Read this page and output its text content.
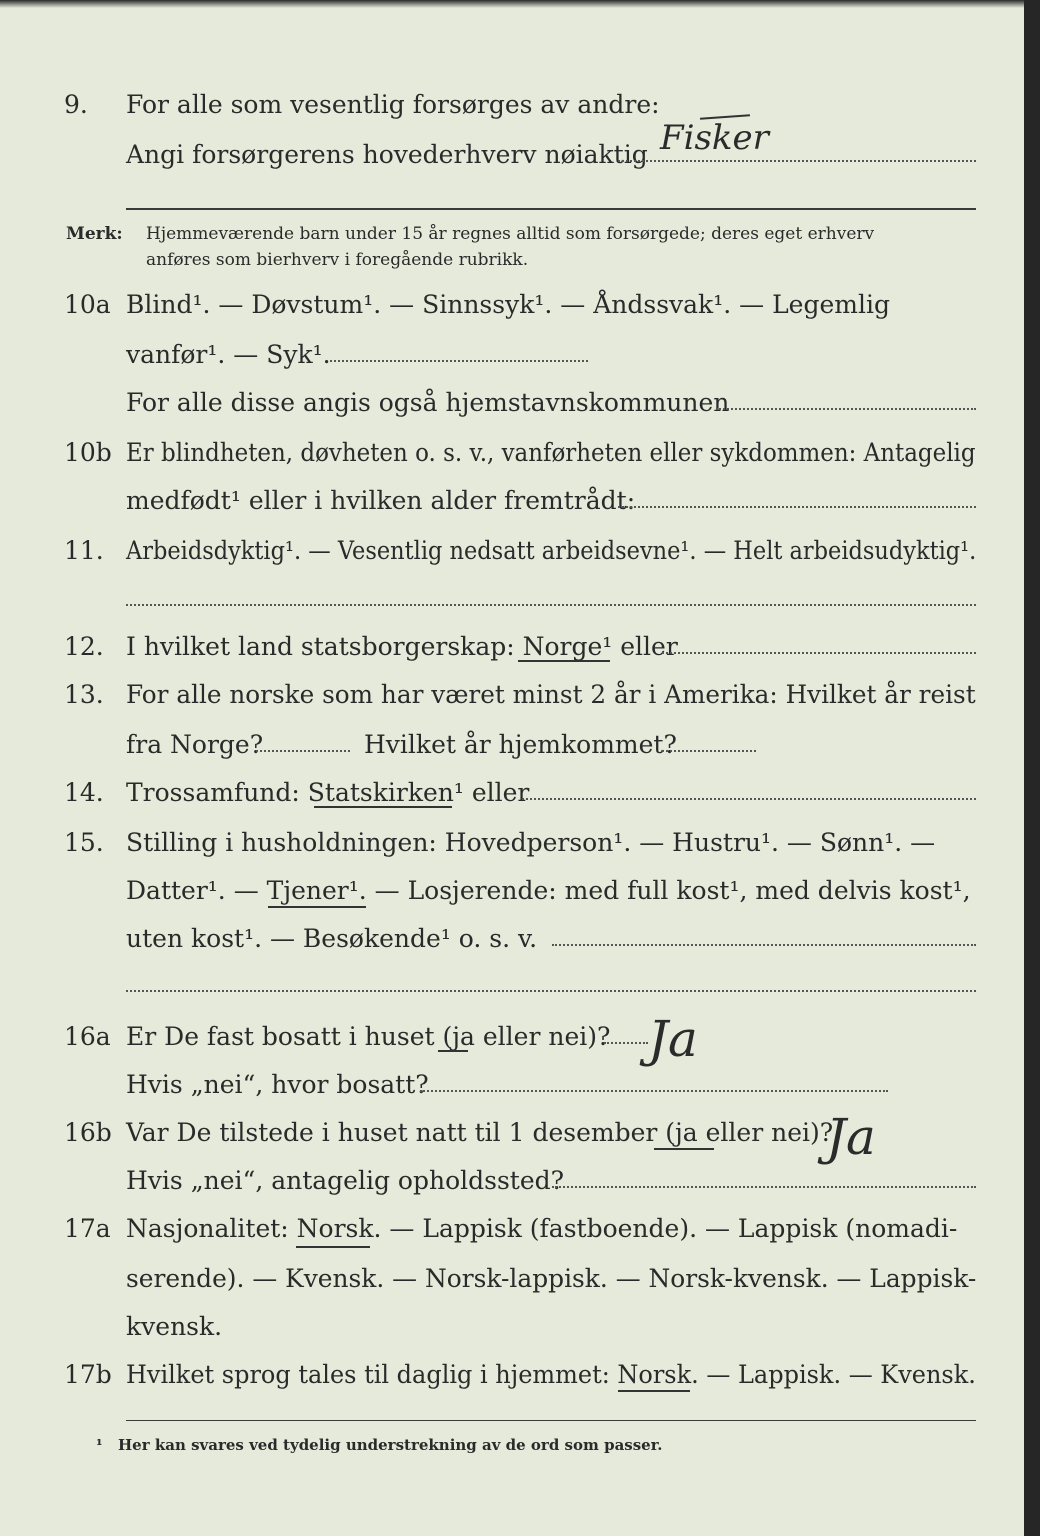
9. For alle som vesentlig forsørges av andre:
Angi forsørgerens hovederhverv nøiaktig Fisker
Merk: Hjemmeværende barn under 15 år regnes alltid som forsørgede; deres eget erhverv
anføres som bierhverv i foregående rubrikk.
10a Blind¹. — Døvstum¹. — Sinnssyk¹. — Åndssvak¹. — Legemlig
vanfør¹. — Syk¹.
For alle disse angis også hjemstavnskommunen
10b Er blindheten, døvheten o. s. v., vanførheten eller sykdommen: Antagelig
medfødt¹ eller i hvilken alder fremtrådt:
11. Arbeidsdyktig¹. — Vesentlig nedsatt arbeidsevne¹. — Helt arbeidsudyktig¹.
12. I hvilket land statsborgerskap: Norge¹ eller
13. For alle norske som har været minst 2 år i Amerika: Hvilket år reist
fra Norge?	Hvilket år hjemkommet?
14. Trossamfund: Statskirken¹ eller
15. Stilling i husholdningen: Hovedperson¹. — Hustru¹. — Sønn¹. —
Datter¹. — Tjener¹. — Losjerende: med full kost¹, med delvis kost¹,
uten kost¹. — Besøkende¹ o. s. v.
16a Er De fast bosatt i huset (ja eller nei)? Ja
Hvis „nei“, hvor bosatt?
16b Var De tilstede i huset natt til 1 desember (ja eller nei)?
Ja
Hvis „nei“, antagelig opholdssted?
17a Nasjonalitet: Norsk. — Lappisk (fastboende). — Lappisk (nomadi-
serende). — Kvensk. — Norsk-lappisk. — Norsk-kvensk. — Lappisk-
kvensk.
17b Hvilket sprog tales til daglig i hjemmet: Norsk. — Lappisk. — Kvensk.
¹ Her kan svares ved tydelig understrekning av de ord som passer.
